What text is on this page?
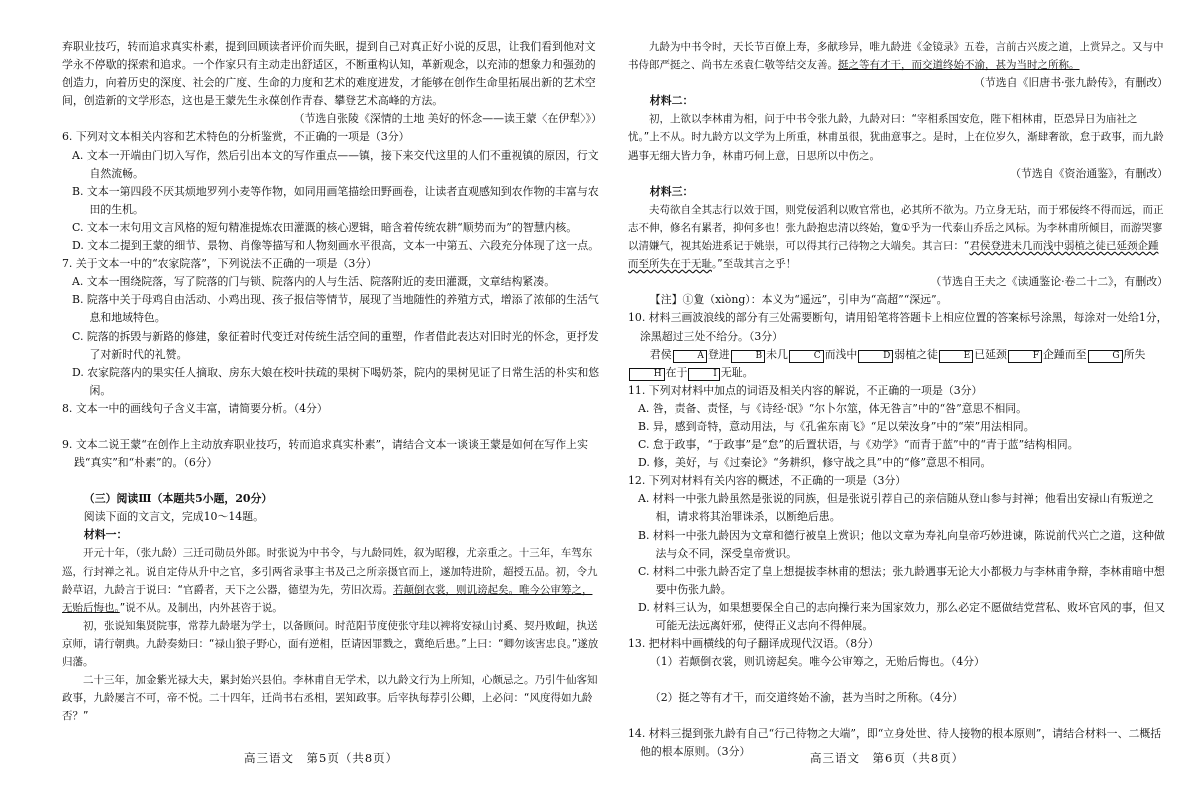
弃职业技巧，转而追求真实朴素，提到回顾读者评价而失眠，提到自己对真正好小说的反思，让我们看到他对文学永不停歇的探索和追求。一个作家只有主动走出舒适区，不断重构认知，革新观念，以充沛的想象力和强劲的创造力，向着历史的深度、社会的广度、生命的力度和艺术的难度进发，才能够在创作生命里拓展出新的艺术空间，创造新的文学形态，这也是王蒙先生永葆创作青春、攀登艺术高峰的方法。

（节选自张陵《深情的土地 美好的怀念——读王蒙〈在伊犁〉》）

6. 下列对文本相关内容和艺术特色的分析鉴赏，不正确的一项是（3分）

A. 文本一开端由门切入写作，然后引出本文的写作重点——镇，接下来交代这里的人们不重视镇的原因，行文自然流畅。

B. 文本一第四段不厌其烦地罗列小麦等作物，如同用画笔描绘田野画卷，让读者直观感知到农作物的丰富与农田的生机。

C. 文本一末句用文言风格的短句精准提炼农田灌溉的核心逻辑，暗含着传统农耕“顺势而为”的智慧内核。

D. 文本二提到王蒙的细节、景物、肖像等描写和人物刻画水平很高，文本一中第五、六段充分体现了这一点。

7. 关于文本一中的“农家院落”，下列说法不正确的一项是（3分）

A. 文本一围绕院落，写了院落的门与锁、院落内的人与生活、院落附近的麦田灌溉，文章结构紧凑。

B. 院落中关于母鸡自由活动、小鸡出现、孩子报信等情节，展现了当地随性的养殖方式，增添了浓郁的生活气息和地域特色。

C. 院落的拆毁与新路的修建，象征着时代变迁对传统生活空间的重塑，作者借此表达对旧时光的怀念，更抒发了对新时代的礼赞。

D. 农家院落内的果实任人摘取、房东大娘在校叶扶疏的果树下喝奶茶，院内的果树见证了日常生活的朴实和悠闲。

8. 文本一中的画线句子含义丰富，请简要分析。（4分）

9. 文本二说王蒙“在创作上主动放弃职业技巧，转而追求真实朴素”，请结合文本一谈谈王蒙是如何在写作上实践“真实”和“朴素”的。（6分）

（三）阅读Ⅲ（本题共5小题，20分）

阅读下面的文言文，完成10～14题。

材料一：

开元十年，（张九龄）三迁司勋员外郎。时张说为中书令，与九龄同姓，叙为昭穆，尤亲重之。十三年，车驾东巡，行封禅之礼。说自定侍从升中之官，多引两省录事主书及己之所亲摄官而上，遂加特进阶，超授五品。初，令九龄草诏，九龄言于说曰：“官爵者，天下之公器，德望为先，劳旧次焉。若颠倒衣裳，则讥谤起矣。唯今公审筹之，无贻后悔也。”说不从。及制出，内外甚咨于说。

初，张说知集贤院事，常荐九龄堪为学士，以备顾问。时范阳节度使张守珪以裨将安禄山讨奚、契丹败衄，执送京师，请行朝典。九龄奏劾曰：“禄山狼子野心，面有逆相，臣请因罪戮之，冀绝后患。”上曰：“卿勿该害忠良。”遂放归藩。

二十三年，加金紫光禄大夫，累封始兴县伯。李林甫自无学术，以九龄文行为上所知，心颇忌之。乃引牛仙客知政事，九龄屡言不可，帝不悦。二十四年，迁尚书右丞相，罢知政事。后宰执每荐引公卿，上必问：“风度得如九龄否？”

高三语文　第5页（共8页）

九龄为中书令时，天长节百僚上寿，多献珍异，唯九龄进《金镜录》五卷，言前古兴废之道，上赏异之。又与中书侍郎严挺之、尚书左丞袁仁敬等结交友善。挺之等有才干，而交道终始不渝，甚为当时之所称。

（节选自《旧唐书·张九龄传》，有删改）

材料二：

初，上欲以李林甫为相，问于中书令张九龄，九龄对曰：“宰相系国安危，陛下相林甫，臣恐异日为庙社之忧。”上不从。时九龄方以文学为上所重，林甫虽很，犹曲意事之。是时，上在位岁久，渐肆奢欲，怠于政事，而九龄遇事无细大皆力争，林甫巧伺上意，日思所以中伤之。

（节选自《资治通鉴》，有删改）

材料三：

夫苟欲自全其志行以效于国，则党佞滔利以败官常也，必其所不欲为。乃立身无玷，而于邪佞终不得而远，而正志不伸，修名有累者，抑何多也！张九龄抱忠清以终始，夐①乎为一代泰山乔岳之风标。为李林甫所倾目，而游哭寥以清嫌气，视其始进系记于姚崇，可以得其行己待物之大端矣。其言曰：“君侯登进未几而浅中弱植之徒已延颈企踵而至所失在于无耻。”至哉其言之乎！

（节选自王夫之《读通鉴论·卷二十二》，有删改）

【注】①夐（xiòng）：本义为“遥远”，引申为“高超”“深远”。

10. 材料三画波浪线的部分有三处需要断句，请用铅笔将答题卡上相应位置的答案标号涂黑，每涂对一处给1分，涂黑超过三处不给分。（3分）

君侯	A 登进	B 未几	C 而浅中	D 弱植之徒	E 已延颈	F 企踵而至	G 所失H 在于	I 无耻。

11. 下列对材料中加点的词语及相关内容的解说，不正确的一项是（3分）

A. 咎，责备、责怪，与《诗经·氓》“尔卜尔筮，体无咎言”中的“咎”意思不相同。

B. 异，感到奇特，意动用法，与《孔雀东南飞》“足以荣汝身”中的“荣”用法相同。

C. 怠于政事，“于政事”是“怠”的后置状语，与《劝学》“而青于蓝”中的“青于蓝”结构相同。

D. 修，美好，与《过秦论》“务耕织，修守战之具”中的“修”意思不相同。

12. 下列对材料有关内容的概述，不正确的一项是（3分）

A. 材料一中张九龄虽然是张说的同族，但是张说引荐自己的亲信随从登山参与封禅；他看出安禄山有叛逆之相，请求将其治罪诛杀，以断绝后患。

B. 材料一中张九龄因为文章和德行被皇上赏识；他以文章为寿礼向皇帝巧妙进谏，陈说前代兴亡之道，这种做法与众不同，深受皇帝赏识。

C. 材料二中张九龄否定了皇上想提拔李林甫的想法；张九龄遇事无论大小都极力与李林甫争辩，李林甫暗中想要中伤张九龄。

D. 材料三认为，如果想要保全自己的志向操行来为国家效力，那么必定不愿做结党营私、败坏官风的事，但又可能无法远离奸邪，使得正义志向不得伸展。

13. 把材料中画横线的句子翻译成现代汉语。（8分）

（1）若颠倒衣裳，则讥谤起矣。唯今公审筹之，无贻后悔也。（4分）

（2）挺之等有才干，而交道终始不渝，甚为当时之所称。（4分）

14. 材料三提到张九龄有自己“行己待物之大端”，即“立身处世、待人接物的根本原则”，请结合材料一、二概括他的根本原则。（3分）	高三语文　第6页（共8页）
